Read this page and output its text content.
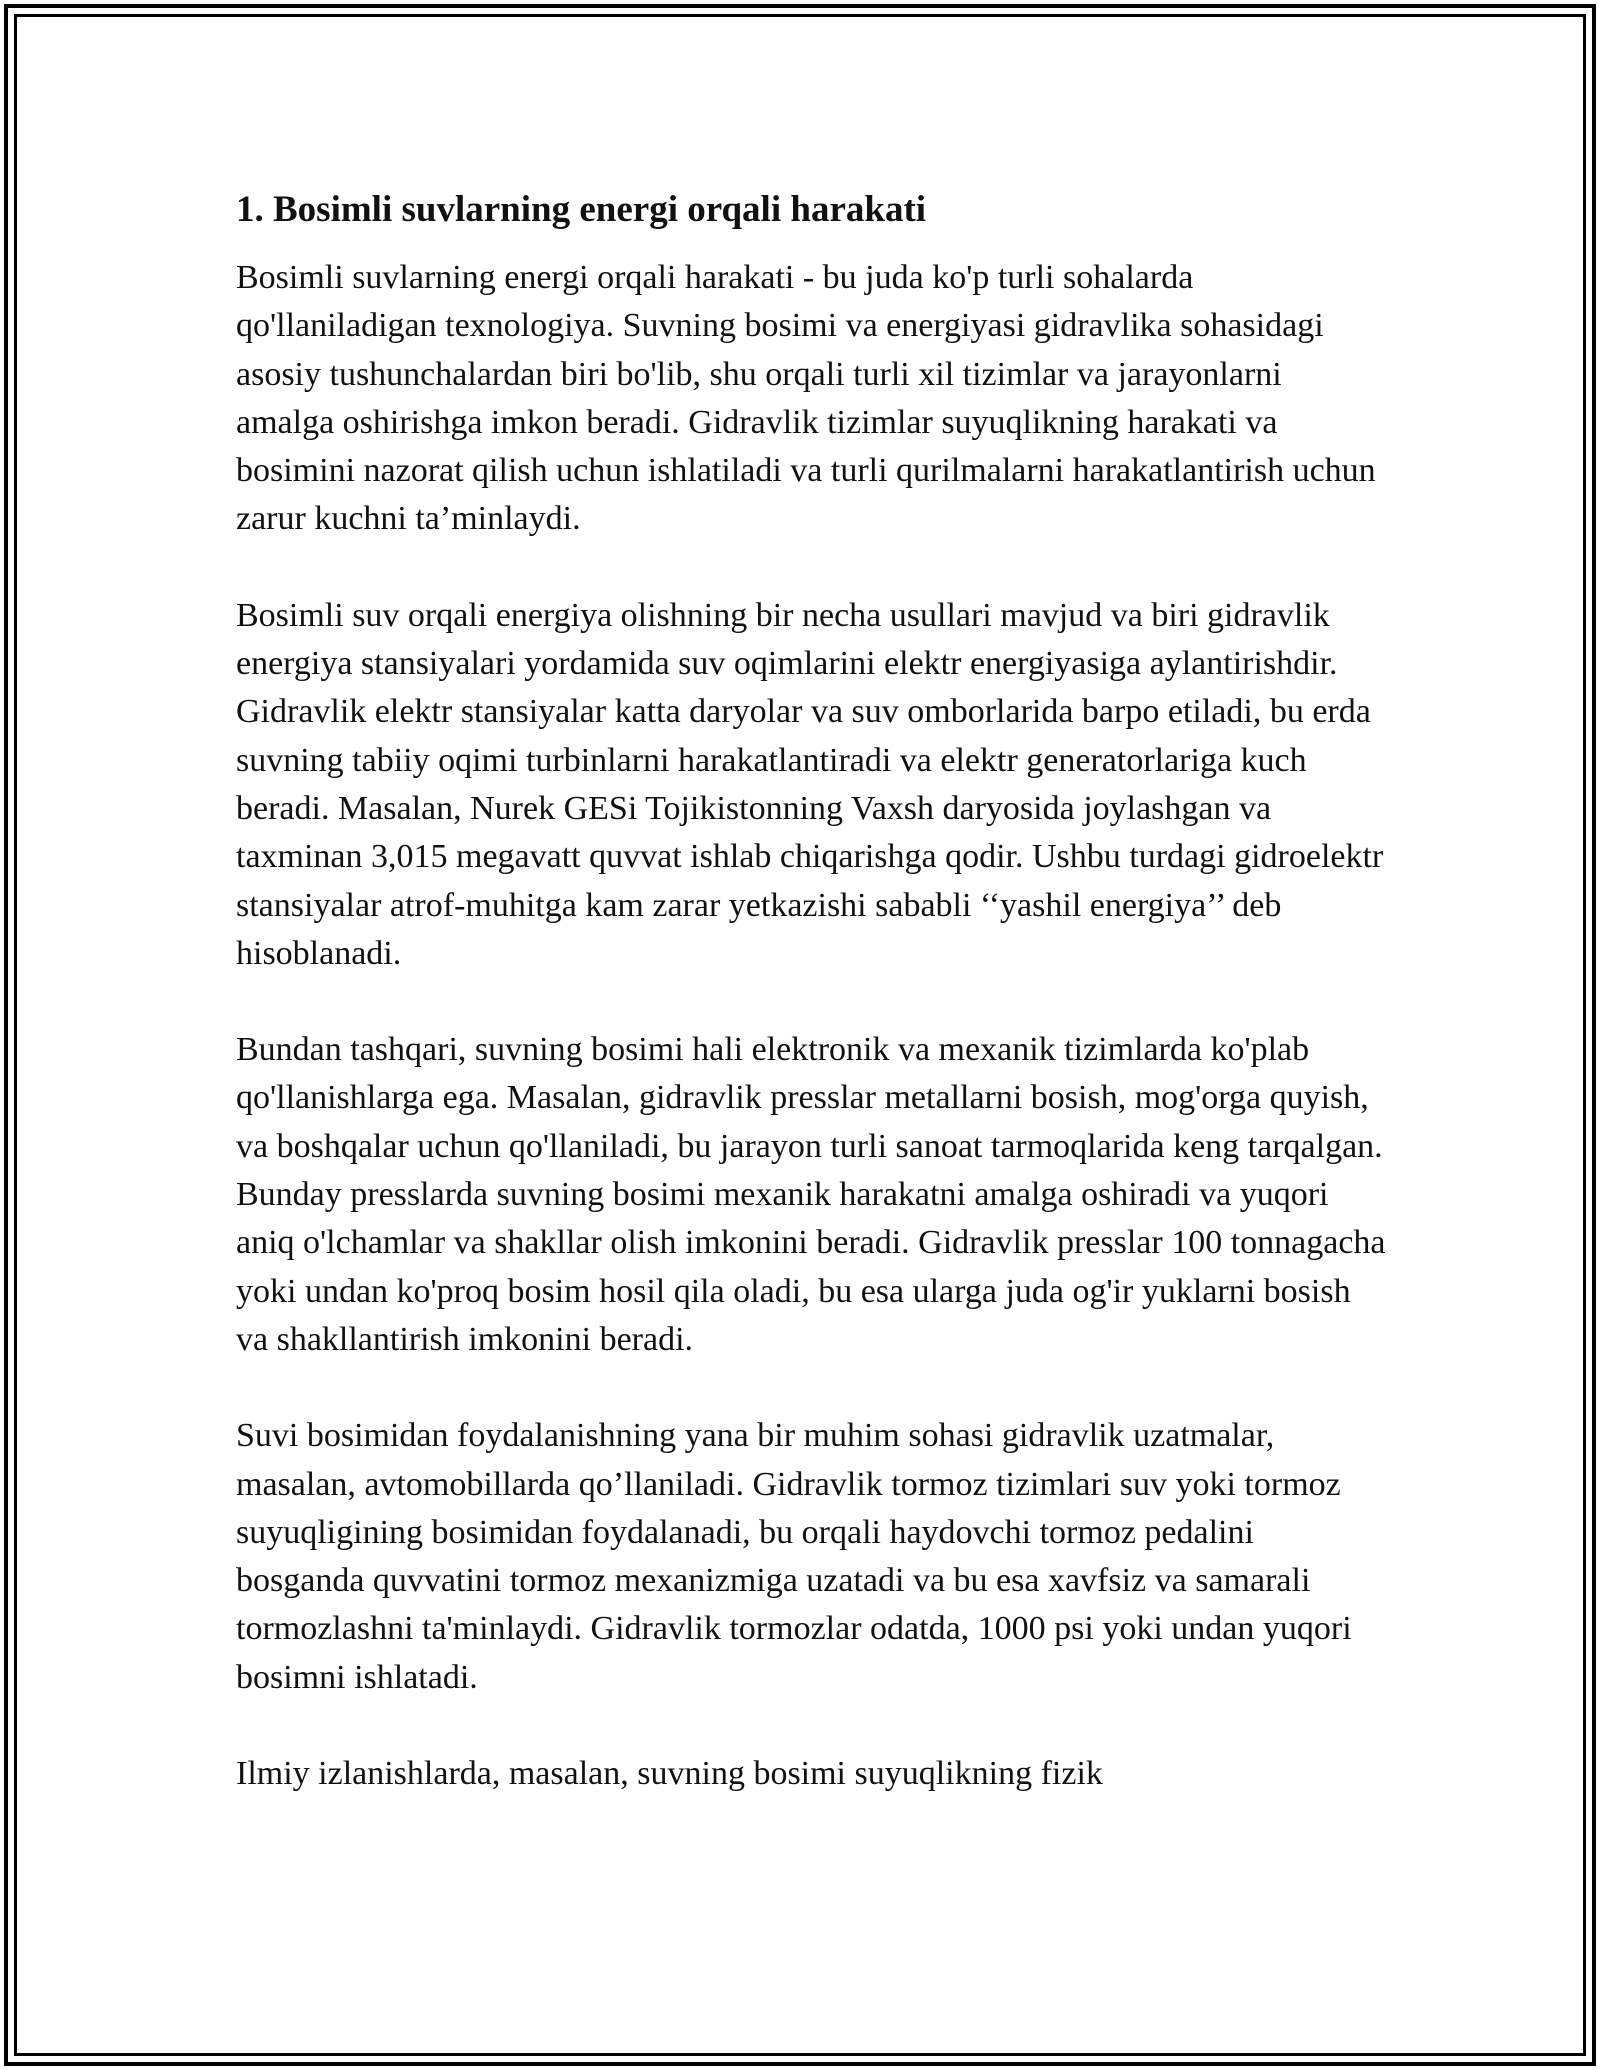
1. Bosimli suvlarning energi orqali harakati

Bosimli suvlarning energi orqali harakati - bu juda ko'p turli sohalarda qo'llaniladigan texnologiya. Suvning bosimi va energiyasi gidravlika sohasidagi asosiy tushunchalardan biri bo'lib, shu orqali turli xil tizimlar va jarayonlarni amalga oshirishga imkon beradi. Gidravlik tizimlar suyuqlikning harakati va bosimini nazorat qilish uchun ishlatiladi va turli qurilmalarni harakatlantirish uchun zarur kuchni ta’minlaydi.

Bosimli suv orqali energiya olishning bir necha usullari mavjud va biri gidravlik energiya stansiyalari yordamida suv oqimlarini elektr energiyasiga aylantirishdir. Gidravlik elektr stansiyalar katta daryolar va suv omborlarida barpo etiladi, bu erda suvning tabiiy oqimi turbinlarni harakatlantiradi va elektr generatorlariga kuch beradi. Masalan, Nurek GESi Tojikistonning Vaxsh daryosida joylashgan va taxminan 3,015 megavatt quvvat ishlab chiqarishga qodir. Ushbu turdagi gidroelektr stansiyalar atrof-muhitga kam zarar yetkazishi sababli ‘‘yashil energiya’’ deb hisoblanadi.

Bundan tashqari, suvning bosimi hali elektronik va mexanik tizimlarda ko'plab qo'llanishlarga ega. Masalan, gidravlik presslar metallarni bosish, mog'orga quyish, va boshqalar uchun qo'llaniladi, bu jarayon turli sanoat tarmoqlarida keng tarqalgan. Bunday presslarda suvning bosimi mexanik harakatni amalga oshiradi va yuqori aniq o'lchamlar va shakllar olish imkonini beradi. Gidravlik presslar 100 tonnagacha yoki undan ko'proq bosim hosil qila oladi, bu esa ularga juda og'ir yuklarni bosish va shakllantirish imkonini beradi.

Suvi bosimidan foydalanishning yana bir muhim sohasi gidravlik uzatmalar, masalan, avtomobillarda qo’llaniladi. Gidravlik tormoz tizimlari suv yoki tormoz suyuqligining bosimidan foydalanadi, bu orqali haydovchi tormoz pedalini bosganda quvvatini tormoz mexanizmiga uzatadi va bu esa xavfsiz va samarali tormozlashni ta'minlaydi. Gidravlik tormozlar odatda, 1000 psi yoki undan yuqori bosimni ishlatadi.

Ilmiy izlanishlarda, masalan, suvning bosimi suyuqlikning fizik
